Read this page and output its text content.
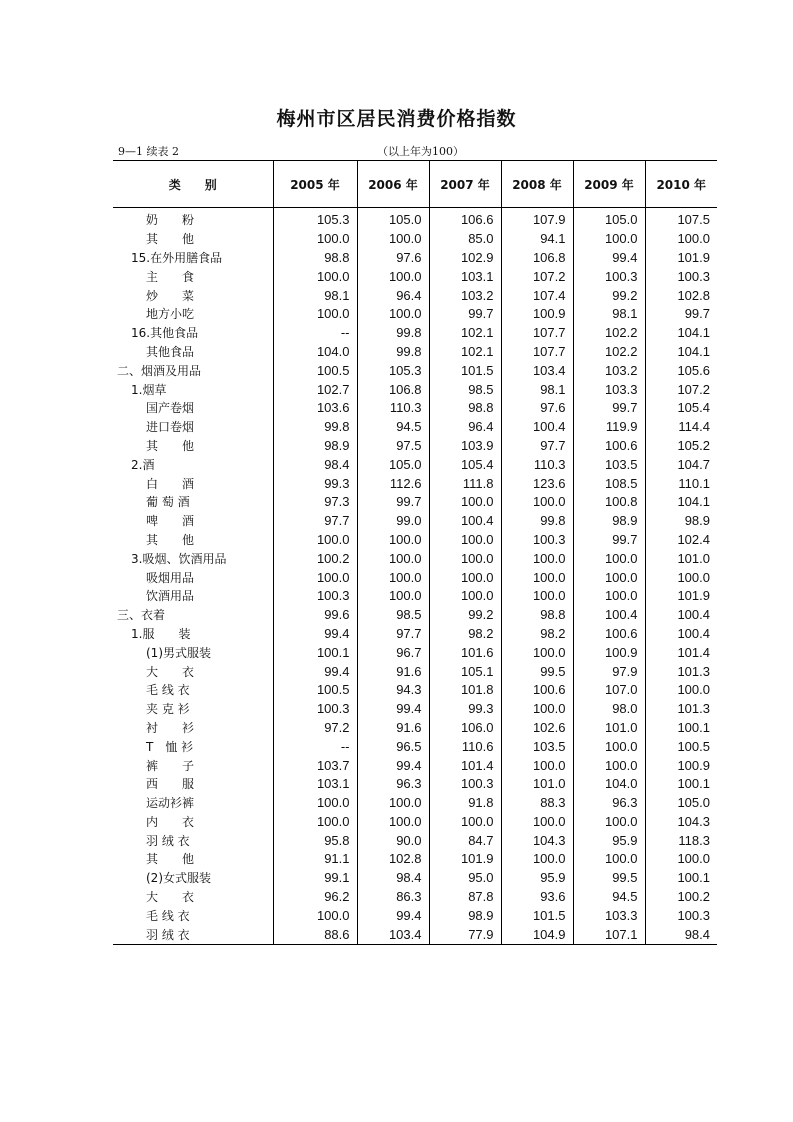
梅州市区居民消费价格指数
9—1 续表 2	（以上年为100）
类　　别	2005 年	2006 年	2007 年	2008 年	2009 年	2010 年
奶　　粉	105.3	105.0	106.6	107.9	105.0	107.5
其　　他	100.0	100.0	85.0	94.1	100.0	100.0
15.在外用膳食品	98.8	97.6	102.9	106.8	99.4	101.9
主　　食	100.0	100.0	103.1	107.2	100.3	100.3
炒　　菜	98.1	96.4	103.2	107.4	99.2	102.8
地方小吃	100.0	100.0	99.7	100.9	98.1	99.7
16.其他食品	--	99.8	102.1	107.7	102.2	104.1
其他食品	104.0	99.8	102.1	107.7	102.2	104.1
二、烟酒及用品	100.5	105.3	101.5	103.4	103.2	105.6
1.烟草	102.7	106.8	98.5	98.1	103.3	107.2
国产卷烟	103.6	110.3	98.8	97.6	99.7	105.4
进口卷烟	99.8	94.5	96.4	100.4	119.9	114.4
其　　他	98.9	97.5	103.9	97.7	100.6	105.2
2.酒	98.4	105.0	105.4	110.3	103.5	104.7
白　　酒	99.3	112.6	111.8	123.6	108.5	110.1
葡 萄 酒	97.3	99.7	100.0	100.0	100.8	104.1
啤　　酒	97.7	99.0	100.4	99.8	98.9	98.9
其　　他	100.0	100.0	100.0	100.3	99.7	102.4
3.吸烟、饮酒用品	100.2	100.0	100.0	100.0	100.0	101.0
吸烟用品	100.0	100.0	100.0	100.0	100.0	100.0
饮酒用品	100.3	100.0	100.0	100.0	100.0	101.9
三、衣着	99.6	98.5	99.2	98.8	100.4	100.4
1.服　　装	99.4	97.7	98.2	98.2	100.6	100.4
(1)男式服装	100.1	96.7	101.6	100.0	100.9	101.4
大　　衣	99.4	91.6	105.1	99.5	97.9	101.3
毛 线 衣	100.5	94.3	101.8	100.6	107.0	100.0
夹 克 衫	100.3	99.4	99.3	100.0	98.0	101.3
衬　　衫	97.2	91.6	106.0	102.6	101.0	100.1
T　恤 衫	--	96.5	110.6	103.5	100.0	100.5
裤　　子	103.7	99.4	101.4	100.0	100.0	100.9
西　　服	103.1	96.3	100.3	101.0	104.0	100.1
运动衫裤	100.0	100.0	91.8	88.3	96.3	105.0
内　　衣	100.0	100.0	100.0	100.0	100.0	104.3
羽 绒 衣	95.8	90.0	84.7	104.3	95.9	118.3
其　　他	91.1	102.8	101.9	100.0	100.0	100.0
(2)女式服装	99.1	98.4	95.0	95.9	99.5	100.1
大　　衣	96.2	86.3	87.8	93.6	94.5	100.2
毛 线 衣	100.0	99.4	98.9	101.5	103.3	100.3
羽 绒 衣	88.6	103.4	77.9	104.9	107.1	98.4
